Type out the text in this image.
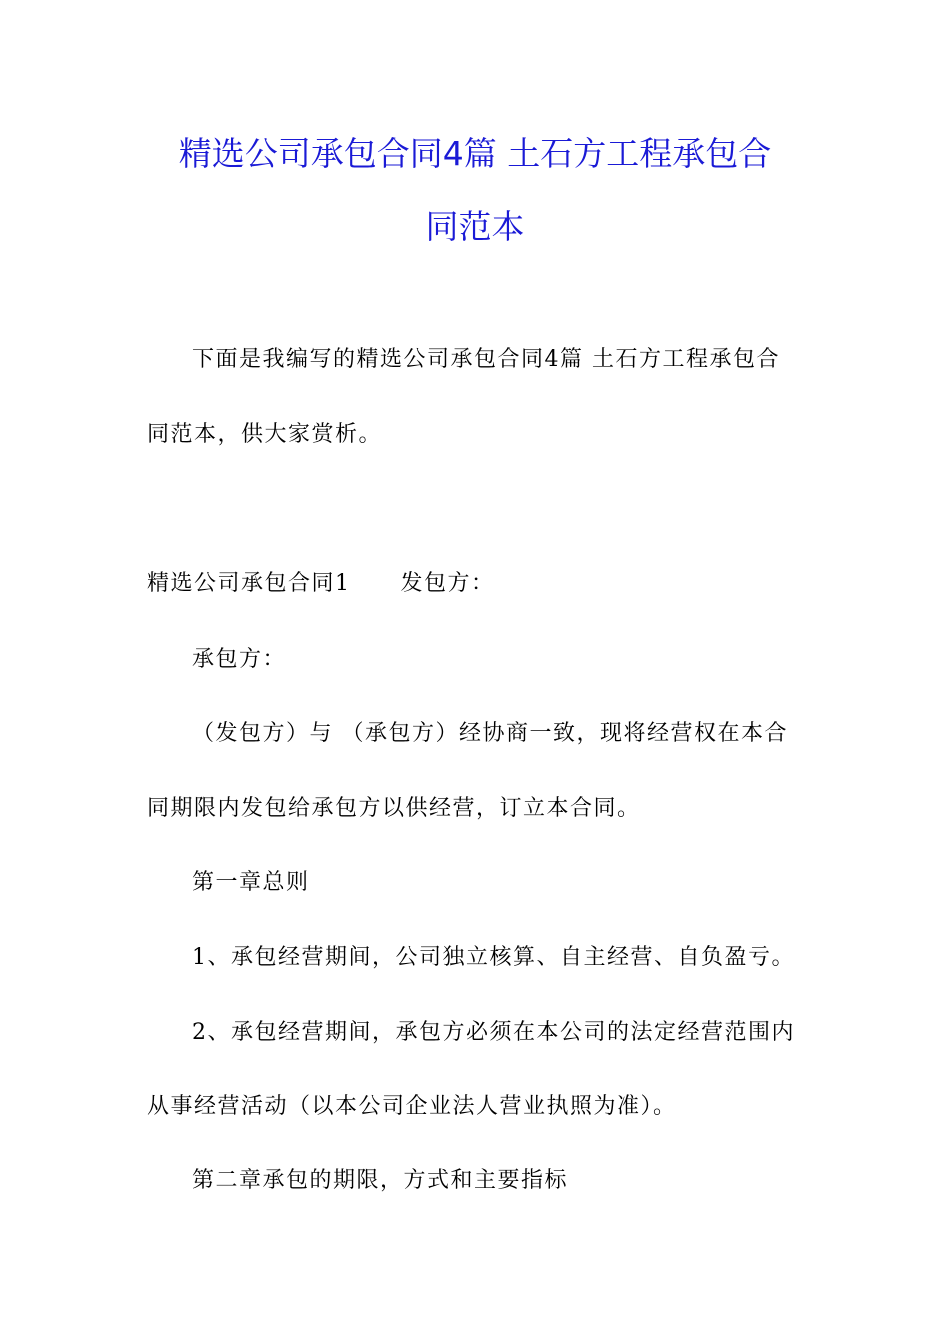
精选公司承包合同4篇 土石方工程承包合
同范本
下面是我编写的精选公司承包合同4篇 土石方工程承包合
同范本，供大家赏析。
精选公司承包合同1 发包方：
承包方：
（发包方）与 （承包方）经协商一致，现将经营权在本合
同期限内发包给承包方以供经营，订立本合同。
第一章总则
1、承包经营期间，公司独立核算、自主经营、自负盈亏。
2、承包经营期间，承包方必须在本公司的法定经营范围内
从事经营活动（以本公司企业法人营业执照为准）。
第二章承包的期限，方式和主要指标
